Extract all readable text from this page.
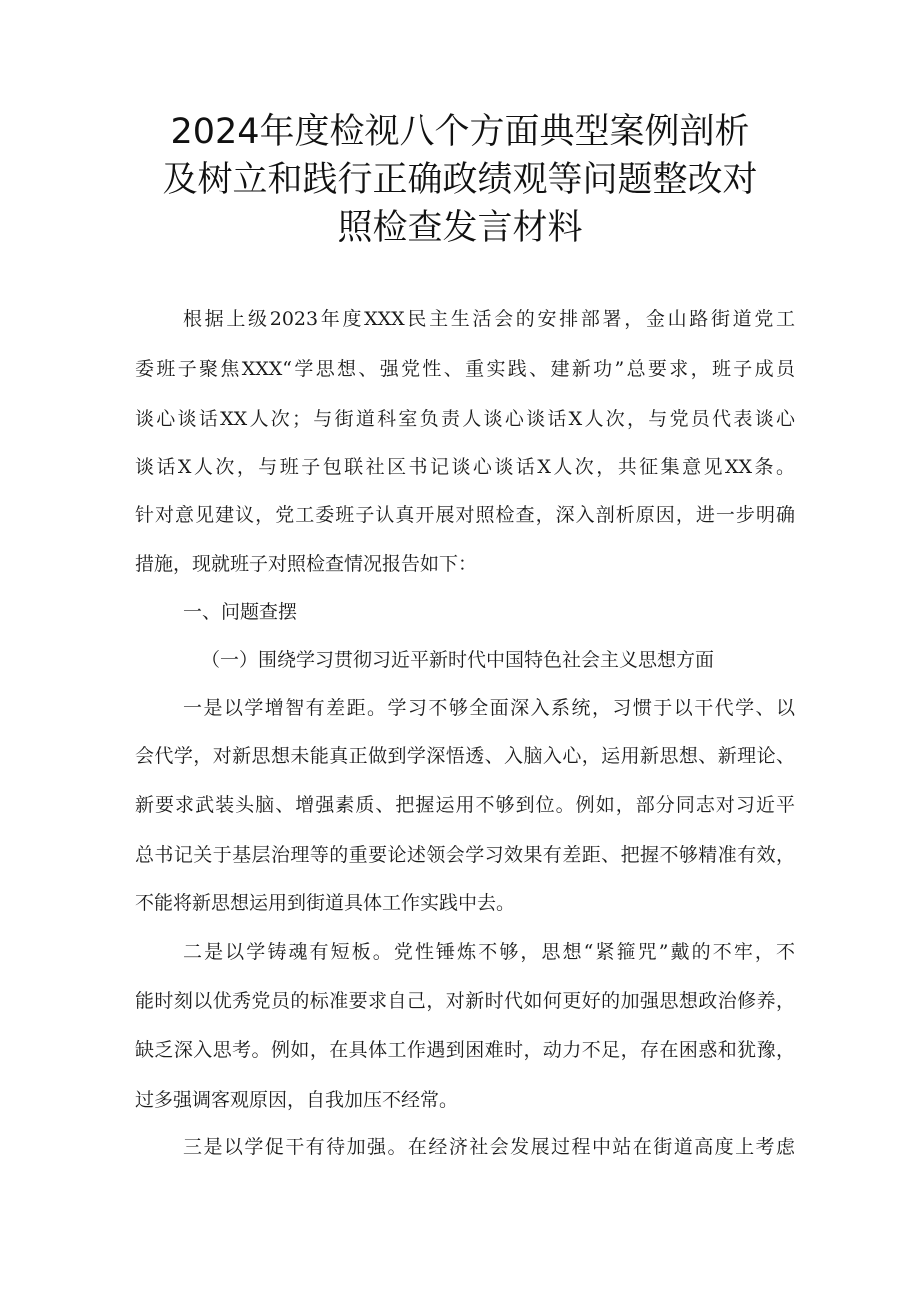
2024年度检视八个方面典型案例剖析
及树立和践行正确政绩观等问题整改对
照检查发言材料
根据上级2023年度XXX民主生活会的安排部署，金山路街道党工
委班子聚焦XXX“学思想、强党性、重实践、建新功”总要求，班子成员
谈心谈话XX人次；与街道科室负责人谈心谈话X人次，与党员代表谈心
谈话X人次，与班子包联社区书记谈心谈话X人次，共征集意见XX条。
针对意见建议，党工委班子认真开展对照检查，深入剖析原因，进一步明确
措施，现就班子对照检查情况报告如下：
一、问题查摆
（一）围绕学习贯彻习近平新时代中国特色社会主义思想方面
一是以学增智有差距。学习不够全面深入系统，习惯于以干代学、以
会代学，对新思想未能真正做到学深悟透、入脑入心，运用新思想、新理论、
新要求武装头脑、增强素质、把握运用不够到位。例如，部分同志对习近平
总书记关于基层治理等的重要论述领会学习效果有差距、把握不够精准有效，
不能将新思想运用到街道具体工作实践中去。
二是以学铸魂有短板。党性锤炼不够，思想“紧箍咒”戴的不牢，不
能时刻以优秀党员的标准要求自己，对新时代如何更好的加强思想政治修养，
缺乏深入思考。例如，在具体工作遇到困难时，动力不足，存在困惑和犹豫，
过多强调客观原因，自我加压不经常。
三是以学促干有待加强。在经济社会发展过程中站在街道高度上考虑
